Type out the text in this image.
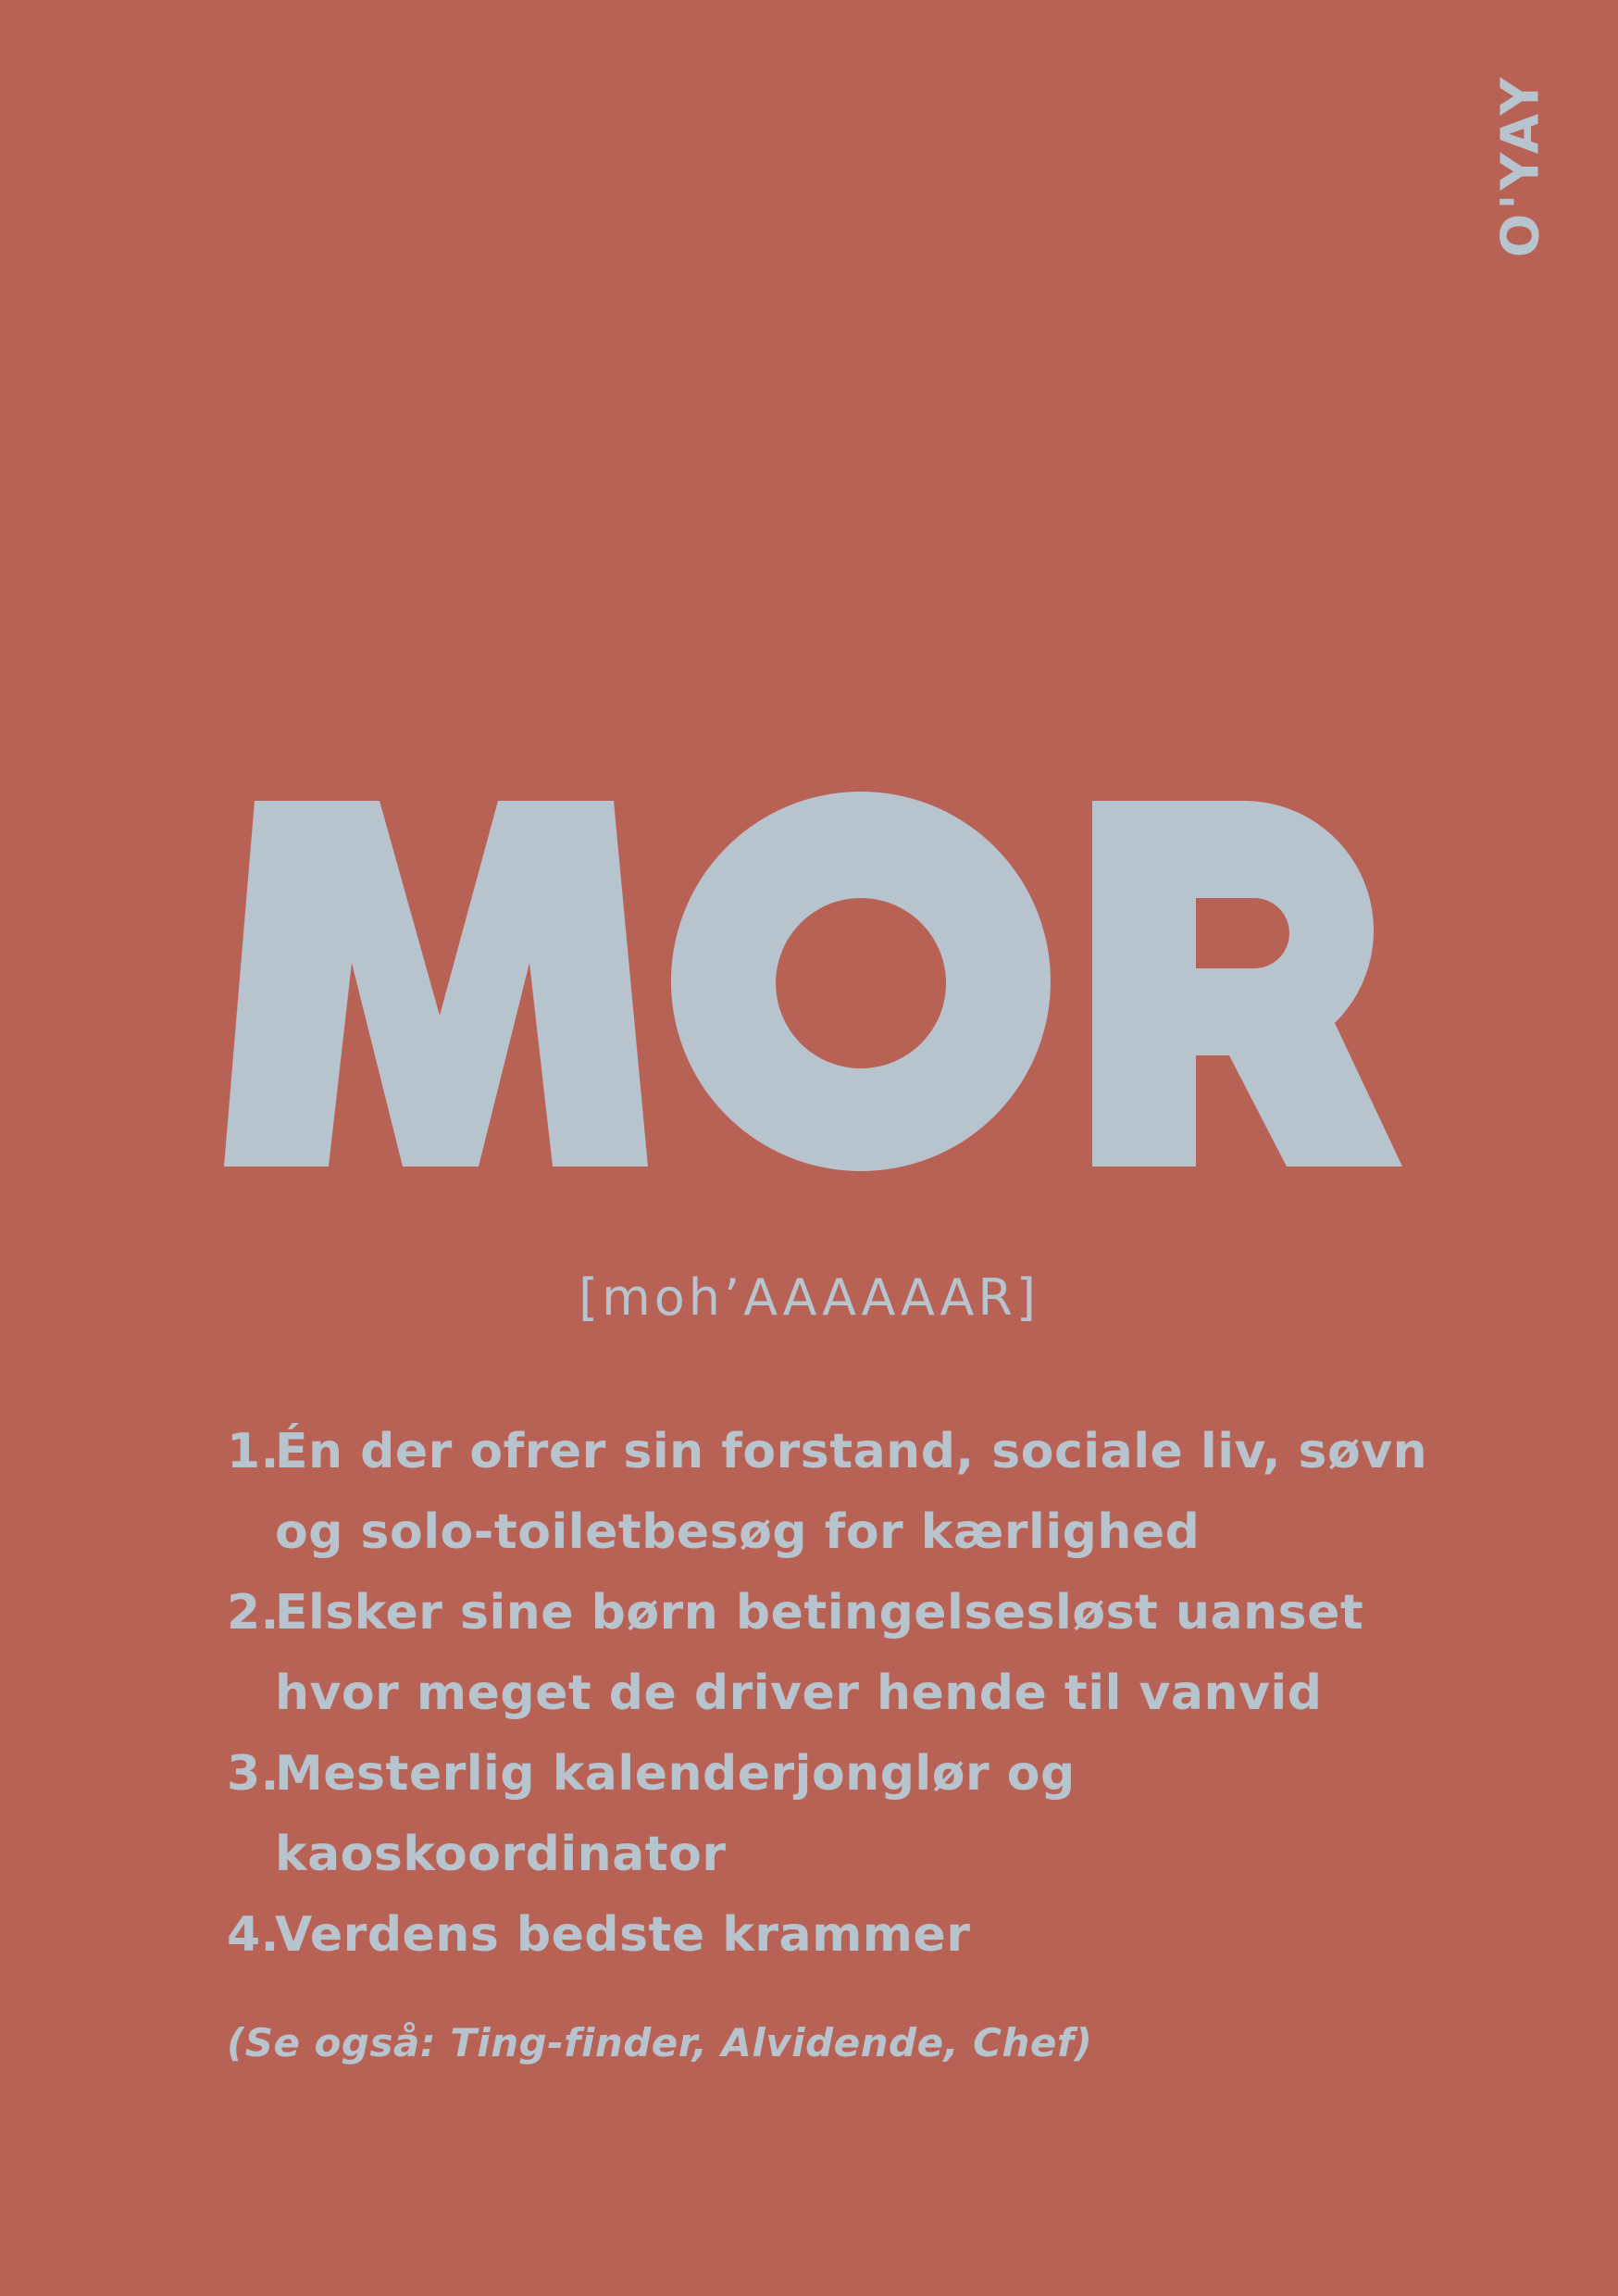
O'YAY
[moh’AAAAAAR]
1.
Én der ofrer sin forstand, sociale liv, søvn
og solo-toiletbesøg for kærlighed
2.
Elsker sine børn betingelsesløst uanset
hvor meget de driver hende til vanvid
3.
Mesterlig kalenderjonglør og
kaoskoordinator
4.
Verdens bedste krammer
(Se også: Ting-finder, Alvidende, Chef)
